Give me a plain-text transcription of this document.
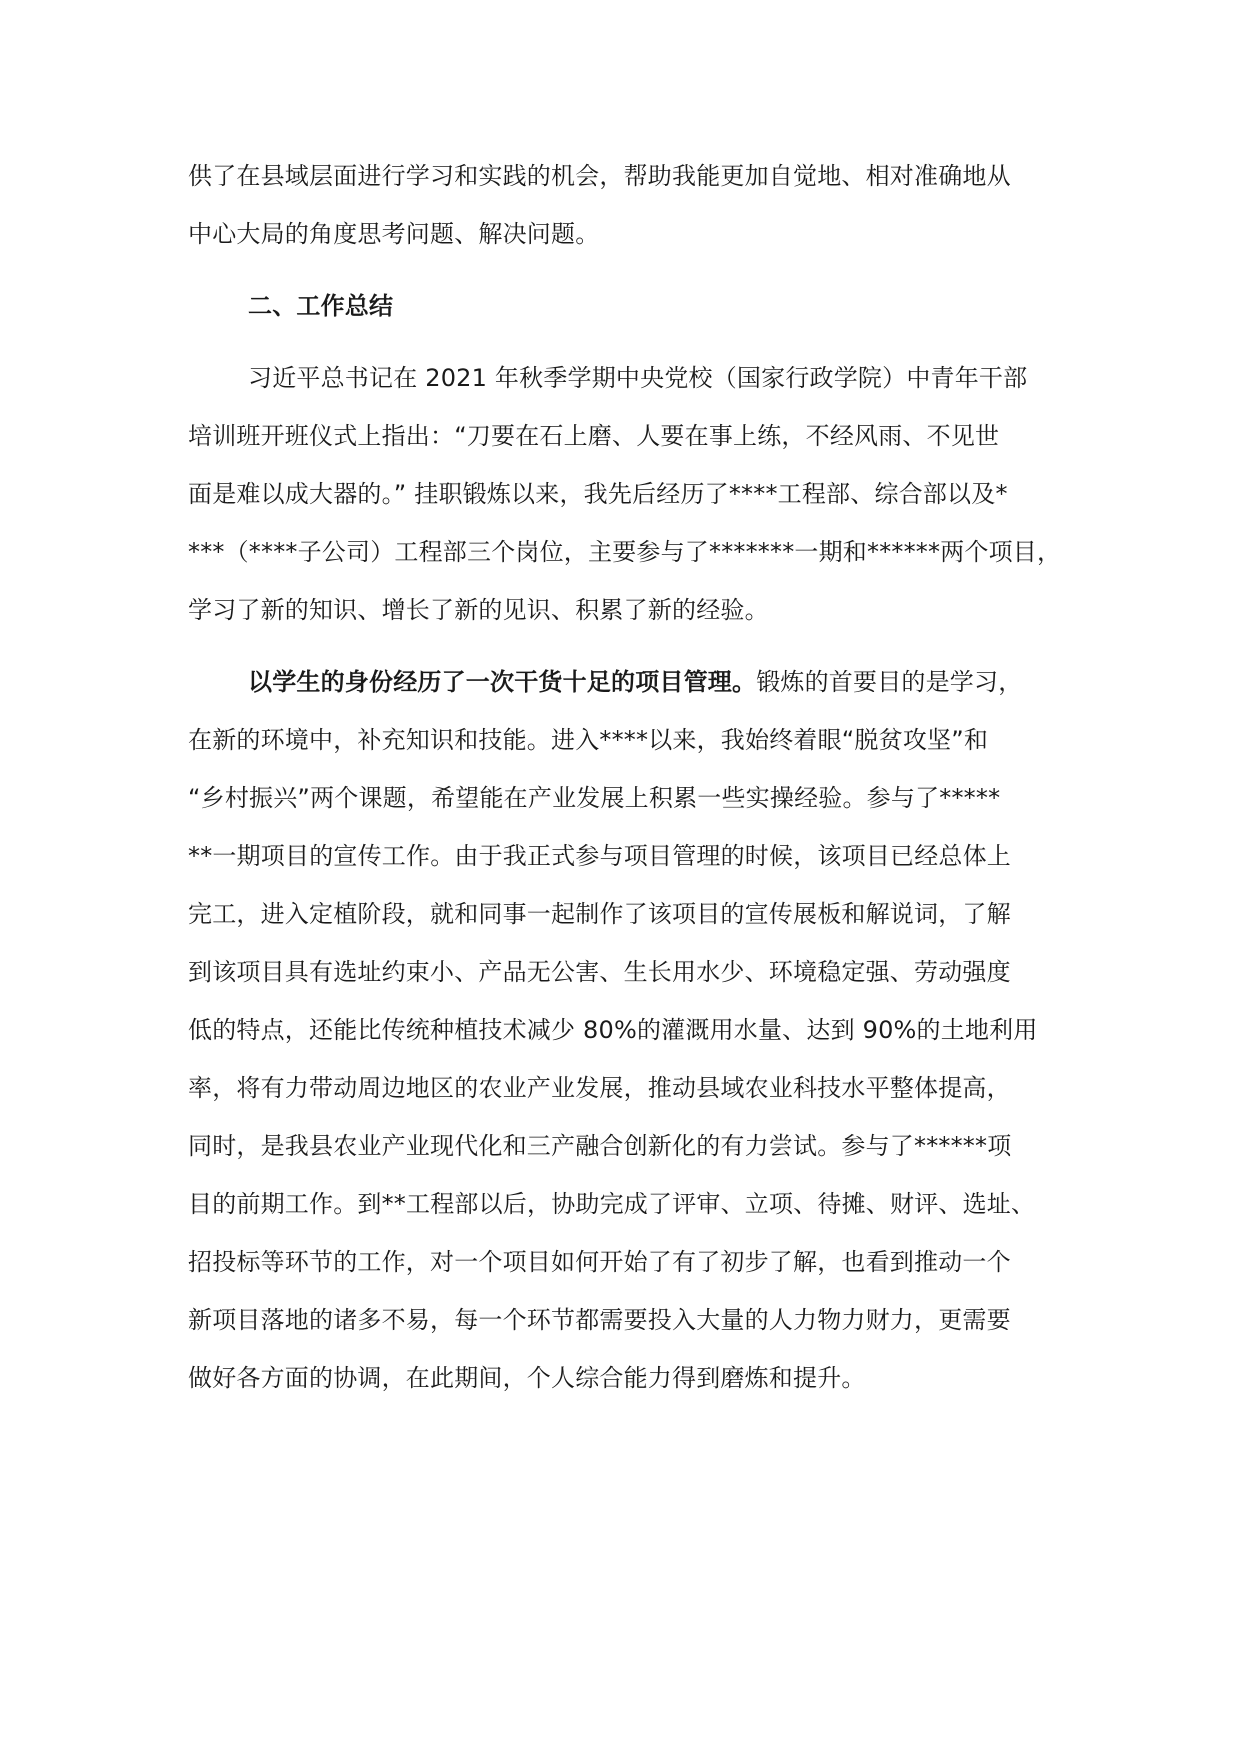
供了在县域层面进行学习和实践的机会，帮助我能更加自觉地、相对准确地从
中心大局的角度思考问题、解决问题。
二、工作总结
习近平总书记在 2021 年秋季学期中央党校（国家行政学院）中青年干部
培训班开班仪式上指出：“刀要在石上磨、人要在事上练，不经风雨、不见世
面是难以成大器的。” 挂职锻炼以来，我先后经历了****工程部、综合部以及*
***（****子公司）工程部三个岗位，主要参与了*******一期和******两个项目，
学习了新的知识、增长了新的见识、积累了新的经验。
以学生的身份经历了一次干货十足的项目管理。锻炼的首要目的是学习，
在新的环境中，补充知识和技能。进入****以来，我始终着眼“脱贫攻坚”和
“乡村振兴”两个课题，希望能在产业发展上积累一些实操经验。参与了*****
**一期项目的宣传工作。由于我正式参与项目管理的时候，该项目已经总体上
完工，进入定植阶段，就和同事一起制作了该项目的宣传展板和解说词，了解
到该项目具有选址约束小、产品无公害、生长用水少、环境稳定强、劳动强度
低的特点，还能比传统种植技术减少 80%的灌溉用水量、达到 90%的土地利用
率，将有力带动周边地区的农业产业发展，推动县域农业科技水平整体提高，
同时，是我县农业产业现代化和三产融合创新化的有力尝试。参与了******项
目的前期工作。到**工程部以后，协助完成了评审、立项、待摊、财评、选址、
招投标等环节的工作，对一个项目如何开始了有了初步了解，也看到推动一个
新项目落地的诸多不易，每一个环节都需要投入大量的人力物力财力，更需要
做好各方面的协调，在此期间，个人综合能力得到磨炼和提升。
